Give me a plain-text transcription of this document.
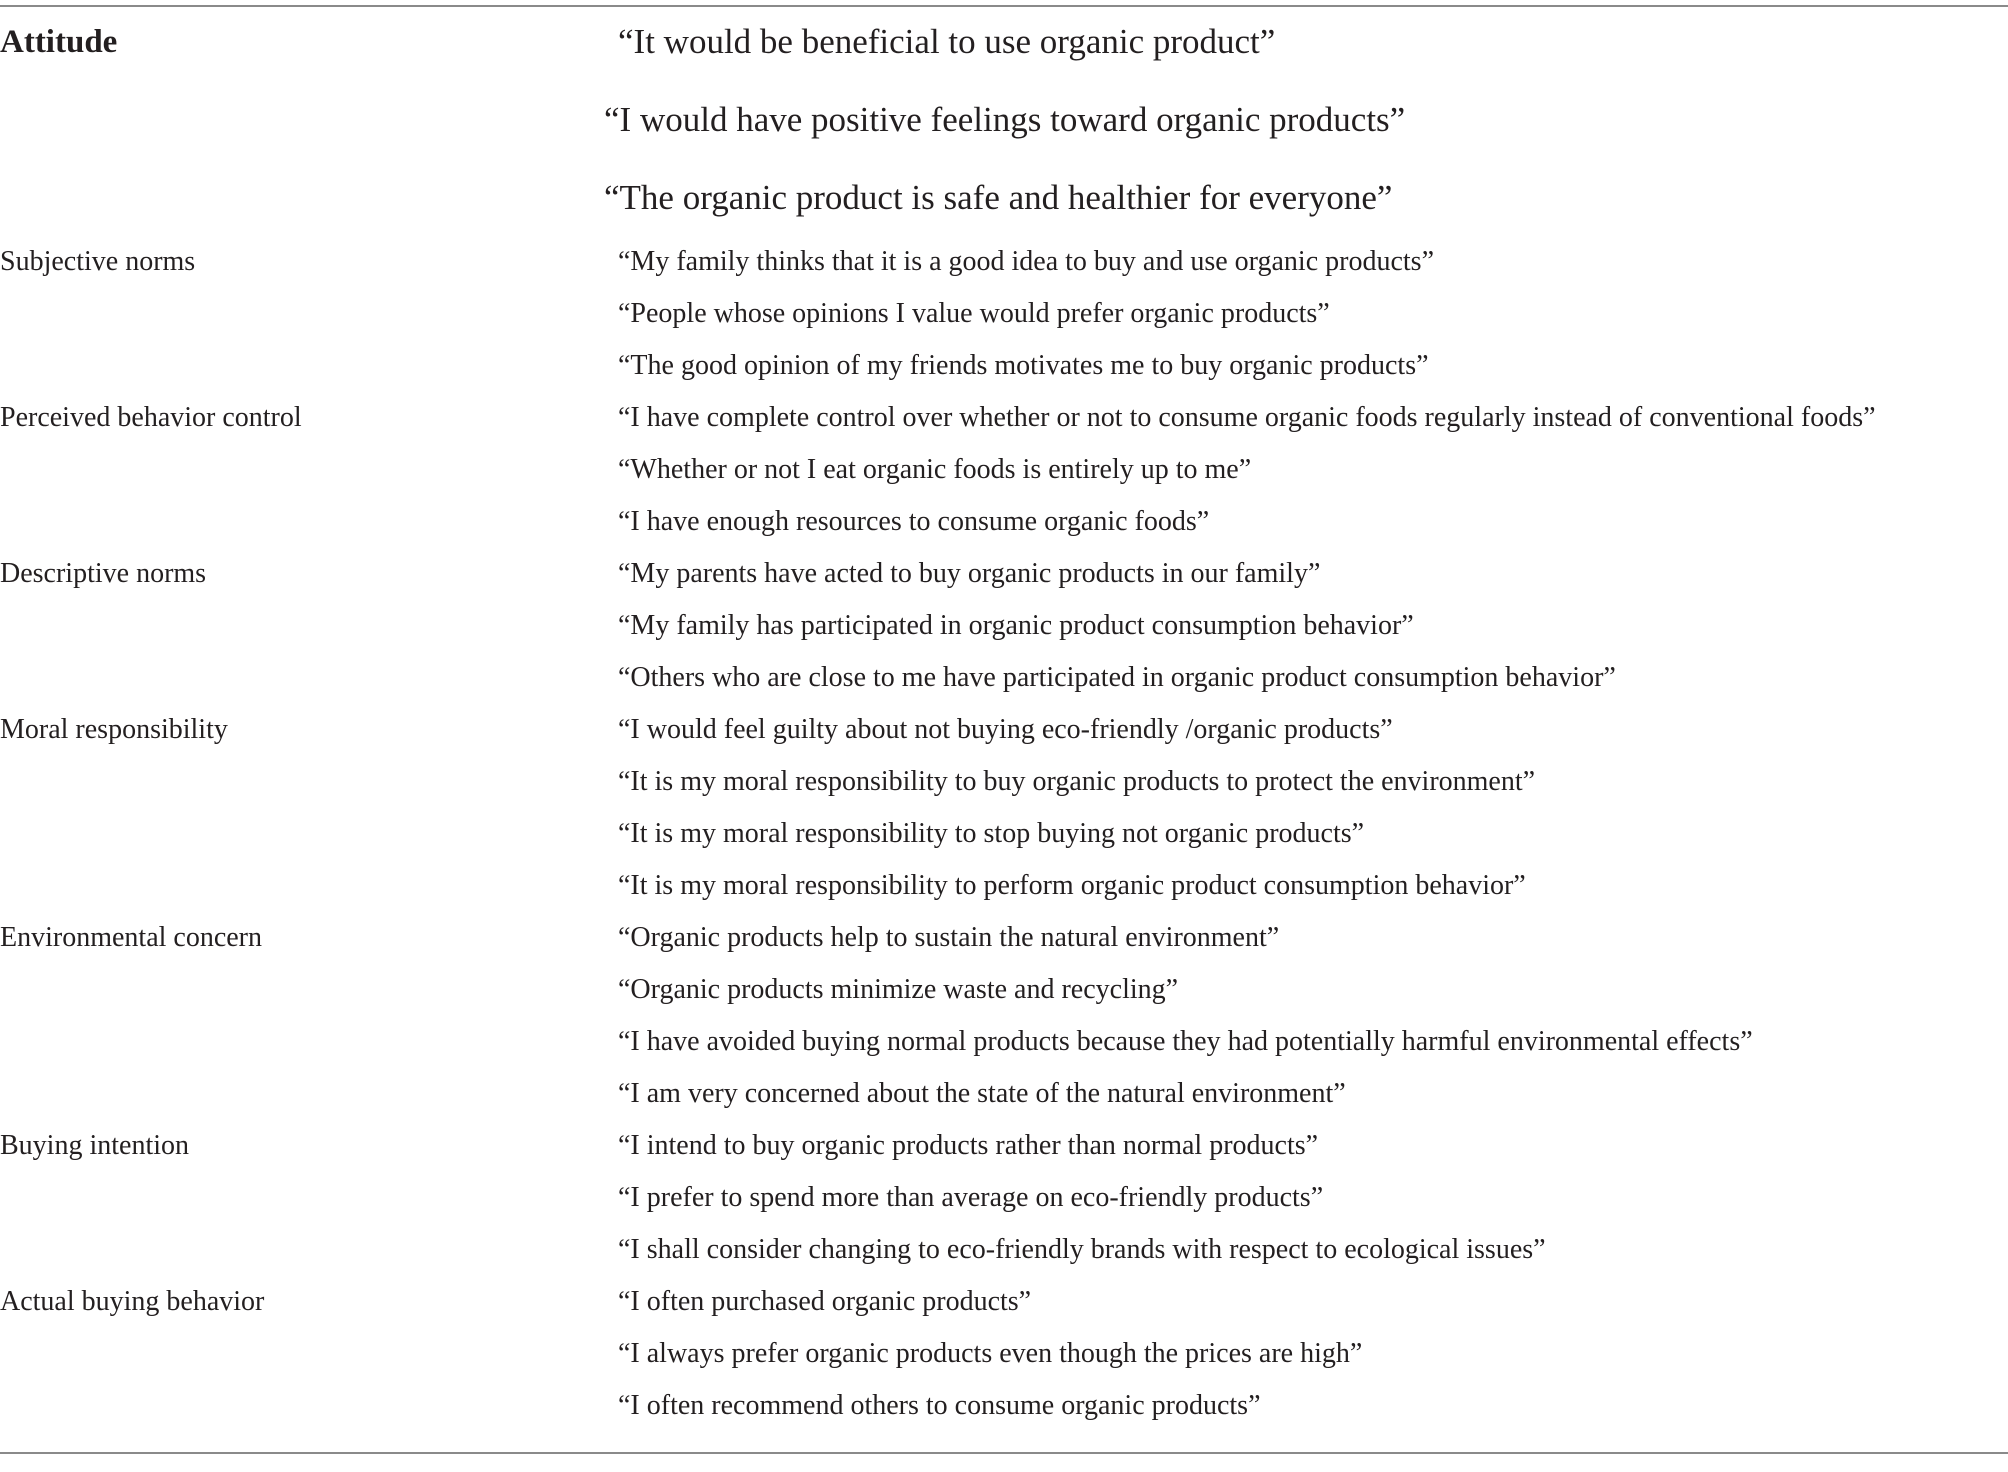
Attitude	“It would be beneficial to use organic product”
“I would have positive feelings toward organic products”
“The organic product is safe and healthier for everyone”
Subjective norms	“My family thinks that it is a good idea to buy and use organic products”
“People whose opinions I value would prefer organic products”
“The good opinion of my friends motivates me to buy organic products”
Perceived behavior control	“I have complete control over whether or not to consume organic foods regularly instead of conventional foods”
“Whether or not I eat organic foods is entirely up to me”
“I have enough resources to consume organic foods”
Descriptive norms	“My parents have acted to buy organic products in our family”
“My family has participated in organic product consumption behavior”
“Others who are close to me have participated in organic product consumption behavior”
Moral responsibility	“I would feel guilty about not buying eco-friendly /organic products”
“It is my moral responsibility to buy organic products to protect the environment”
“It is my moral responsibility to stop buying not organic products”
“It is my moral responsibility to perform organic product consumption behavior”
Environmental concern	“Organic products help to sustain the natural environment”
“Organic products minimize waste and recycling”
“I have avoided buying normal products because they had potentially harmful environmental effects”
“I am very concerned about the state of the natural environment”
Buying intention	“I intend to buy organic products rather than normal products”
“I prefer to spend more than average on eco-friendly products”
“I shall consider changing to eco-friendly brands with respect to ecological issues”
Actual buying behavior	“I often purchased organic products”
“I always prefer organic products even though the prices are high”
“I often recommend others to consume organic products”
